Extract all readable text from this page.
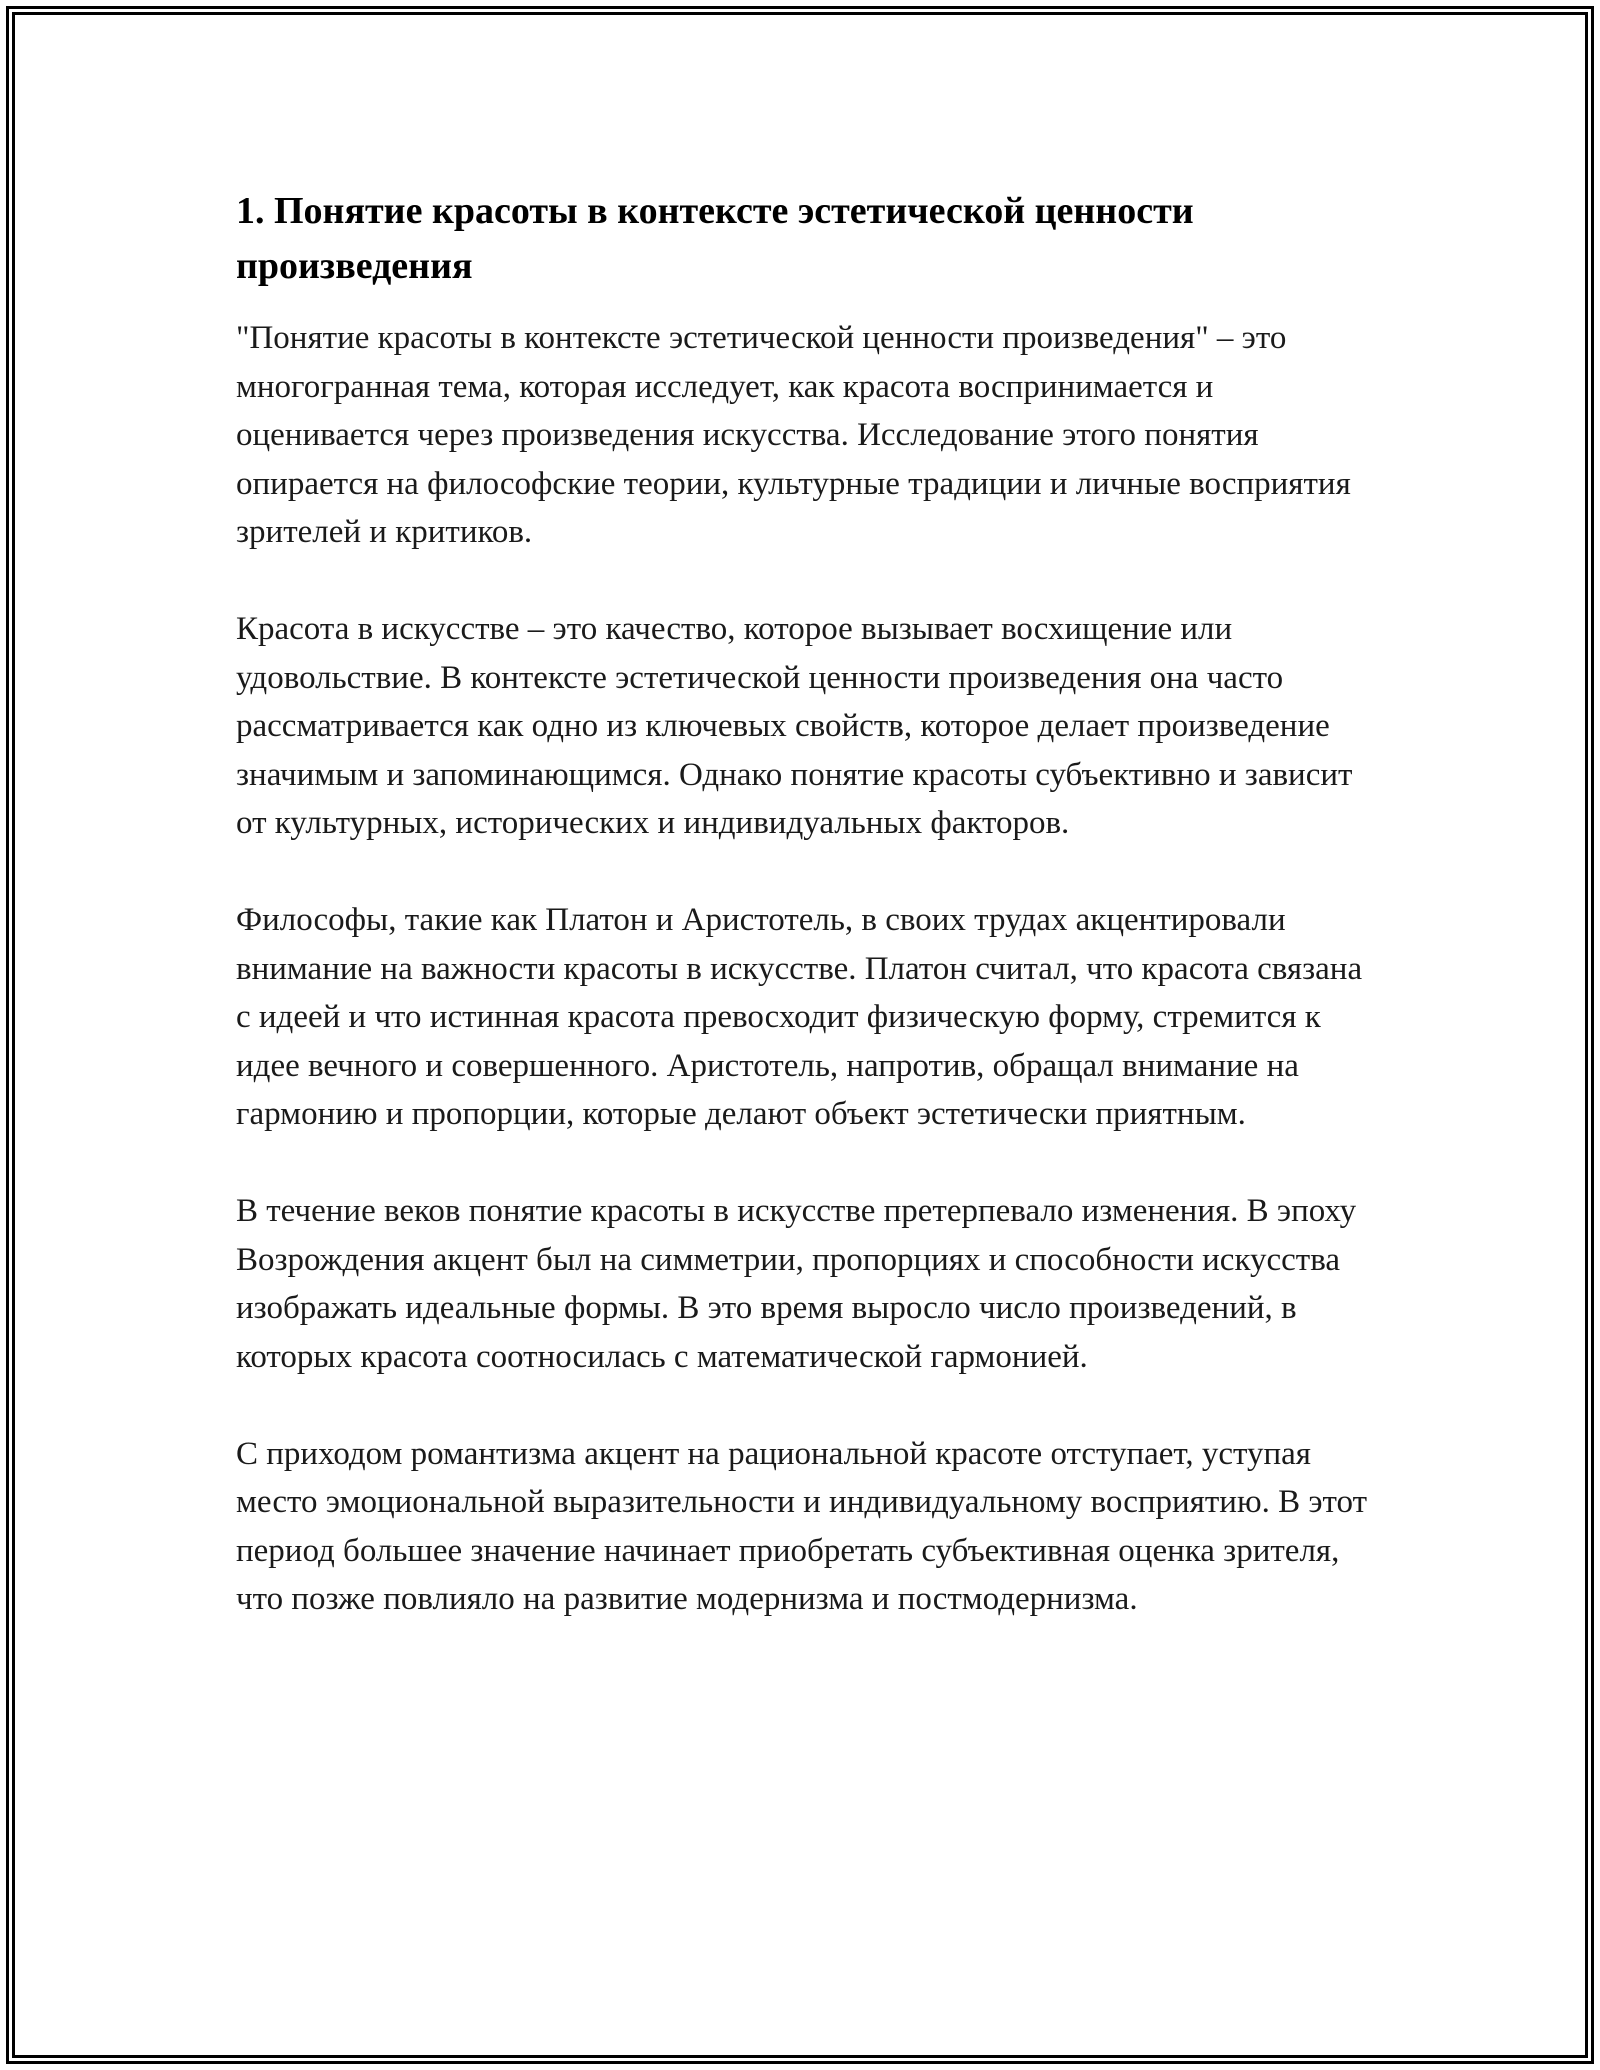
1. Понятие красоты в контексте эстетической ценности произведения

"Понятие красоты в контексте эстетической ценности произведения" – это многогранная тема, которая исследует, как красота воспринимается и оценивается через произведения искусства. Исследование этого понятия опирается на философские теории, культурные традиции и личные восприятия зрителей и критиков.

Красота в искусстве – это качество, которое вызывает восхищение или удовольствие. В контексте эстетической ценности произведения она часто рассматривается как одно из ключевых свойств, которое делает произведение значимым и запоминающимся. Однако понятие красоты субъективно и зависит от культурных, исторических и индивидуальных факторов.

Философы, такие как Платон и Аристотель, в своих трудах акцентировали внимание на важности красоты в искусстве. Платон считал, что красота связана с идеей и что истинная красота превосходит физическую форму, стремится к идее вечного и совершенного. Аристотель, напротив, обращал внимание на гармонию и пропорции, которые делают объект эстетически приятным.

В течение веков понятие красоты в искусстве претерпевало изменения. В эпоху Возрождения акцент был на симметрии, пропорциях и способности искусства изображать идеальные формы. В это время выросло число произведений, в которых красота соотносилась с математической гармонией.

С приходом романтизма акцент на рациональной красоте отступает, уступая место эмоциональной выразительности и индивидуальному восприятию. В этот период большее значение начинает приобретать субъективная оценка зрителя, что позже повлияло на развитие модернизма и постмодернизма.
